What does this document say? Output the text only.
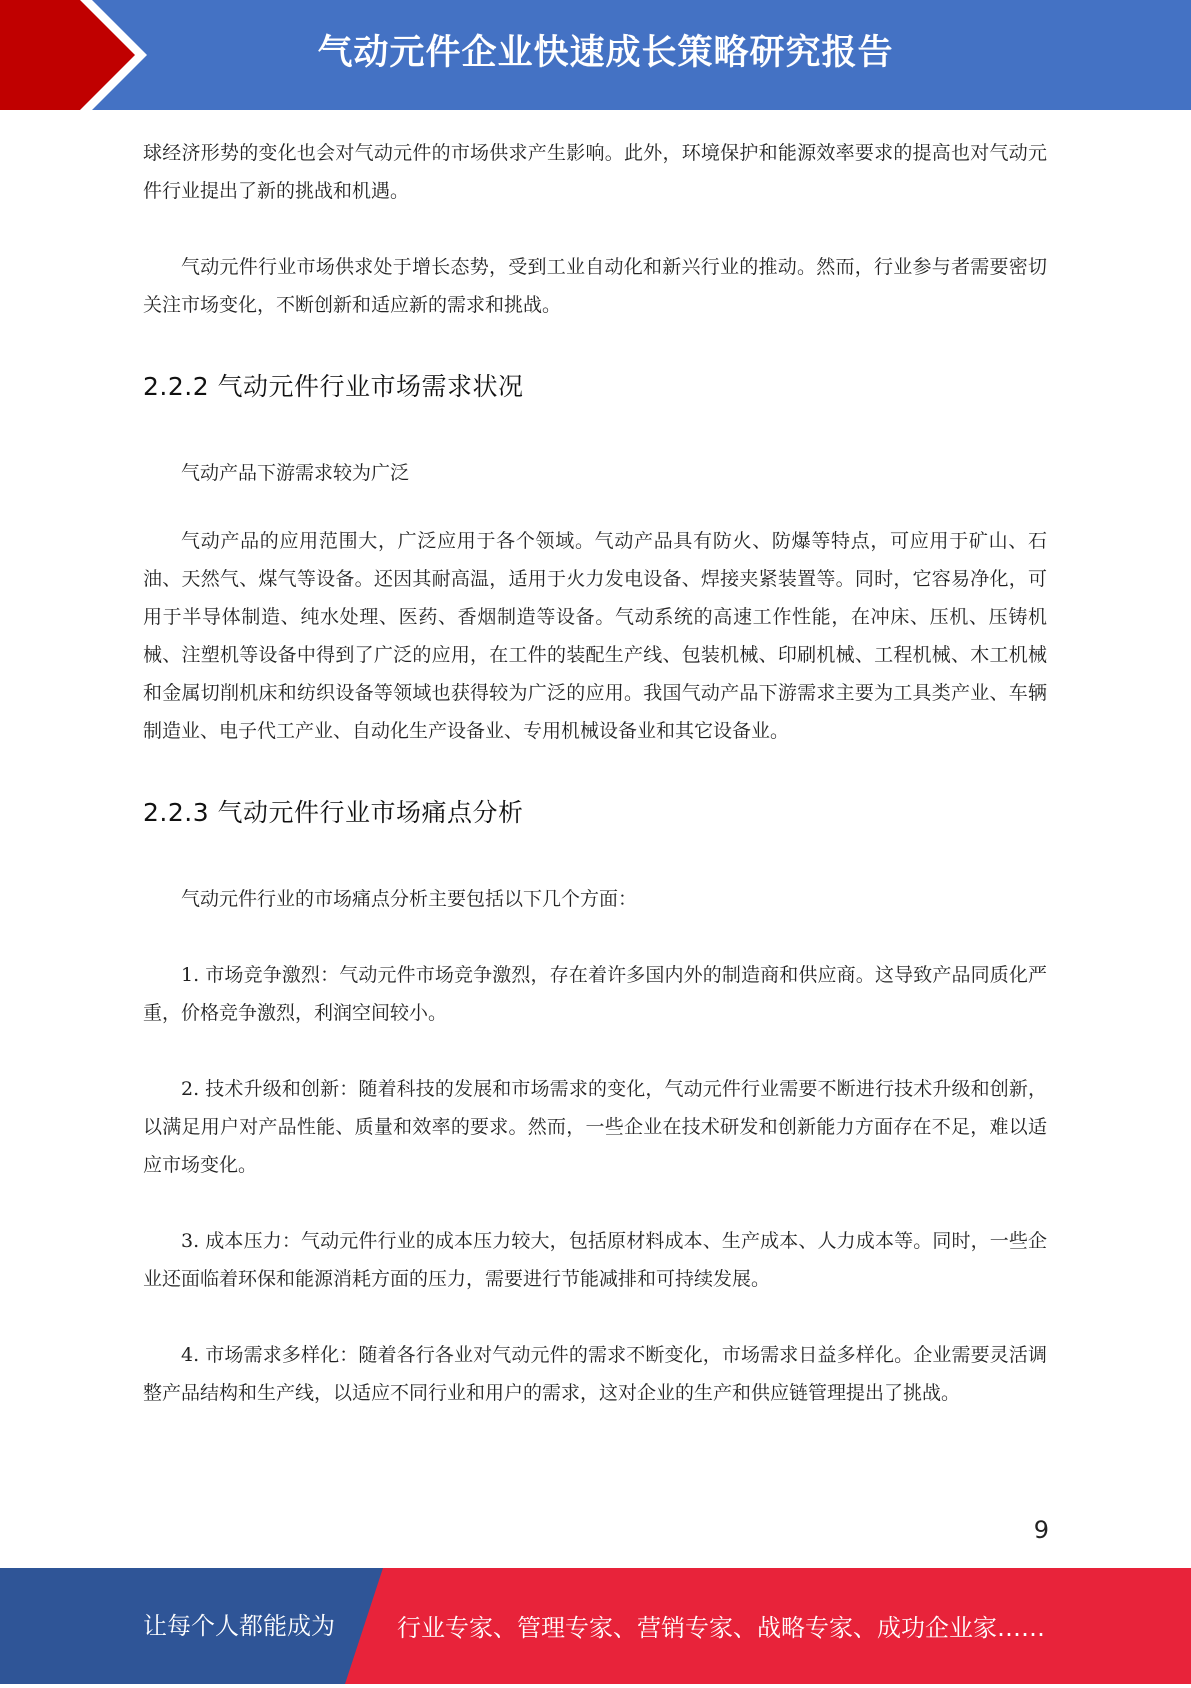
气动元件企业快速成长策略研究报告

球经济形势的变化也会对气动元件的市场供求产生影响。此外，环境保护和能源效率要求的提高也对气动元件行业提出了新的挑战和机遇。

气动元件行业市场供求处于增长态势，受到工业自动化和新兴行业的推动。然而，行业参与者需要密切关注市场变化，不断创新和适应新的需求和挑战。

2.2.2 气动元件行业市场需求状况

气动产品下游需求较为广泛

气动产品的应用范围大，广泛应用于各个领域。气动产品具有防火、防爆等特点，可应用于矿山、石油、天然气、煤气等设备。还因其耐高温，适用于火力发电设备、焊接夹紧装置等。同时，它容易净化，可用于半导体制造、纯水处理、医药、香烟制造等设备。气动系统的高速工作性能，在冲床、压机、压铸机械、注塑机等设备中得到了广泛的应用，在工件的装配生产线、包装机械、印刷机械、工程机械、木工机械和金属切削机床和纺织设备等领域也获得较为广泛的应用。我国气动产品下游需求主要为工具类产业、车辆制造业、电子代工产业、自动化生产设备业、专用机械设备业和其它设备业。

2.2.3 气动元件行业市场痛点分析

气动元件行业的市场痛点分析主要包括以下几个方面：

1. 市场竞争激烈：气动元件市场竞争激烈，存在着许多国内外的制造商和供应商。这导致产品同质化严重，价格竞争激烈，利润空间较小。

2. 技术升级和创新：随着科技的发展和市场需求的变化，气动元件行业需要不断进行技术升级和创新，以满足用户对产品性能、质量和效率的要求。然而，一些企业在技术研发和创新能力方面存在不足，难以适应市场变化。

3. 成本压力：气动元件行业的成本压力较大，包括原材料成本、生产成本、人力成本等。同时，一些企业还面临着环保和能源消耗方面的压力，需要进行节能减排和可持续发展。

4. 市场需求多样化：随着各行各业对气动元件的需求不断变化，市场需求日益多样化。企业需要灵活调整产品结构和生产线，以适应不同行业和用户的需求，这对企业的生产和供应链管理提出了挑战。

9
让每个人都能成为	行业专家、管理专家、营销专家、战略专家、成功企业家……
